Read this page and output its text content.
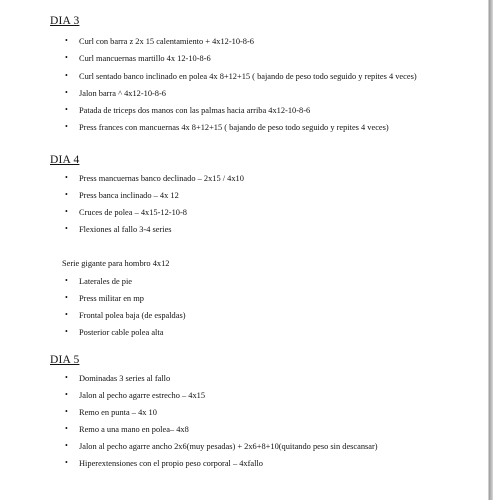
DIA 3
• Curl con barra z 2x 15 calentamiento + 4x12-10-8-6
• Curl mancuernas martillo 4x 12-10-8-6
• Curl sentado banco inclinado en polea 4x 8+12+15 ( bajando de peso todo seguido y repites 4 veces)
• Jalon barra ^ 4x12-10-8-6
• Patada de triceps dos manos con las palmas hacia arriba 4x12-10-8-6
• Press frances con mancuernas 4x 8+12+15 ( bajando de peso todo seguido y repites 4 veces)
DIA 4
• Press mancuernas banco declinado – 2x15 / 4x10
• Press banca inclinado – 4x 12
• Cruces de polea – 4x15-12-10-8
• Flexiones al fallo 3-4 series
Serie gigante para hombro 4x12
• Laterales de pie
• Press militar en mp
• Frontal polea baja (de espaldas)
• Posterior cable polea alta
DIA 5
• Dominadas 3 series al fallo
• Jalon al pecho agarre estrecho – 4x15
• Remo en punta – 4x 10
• Remo a una mano en polea– 4x8
• Jalon al pecho agarre ancho 2x6(muy pesadas) + 2x6+8+10(quitando peso sin descansar)
• Hiperextensiones con el propio peso corporal – 4xfallo
